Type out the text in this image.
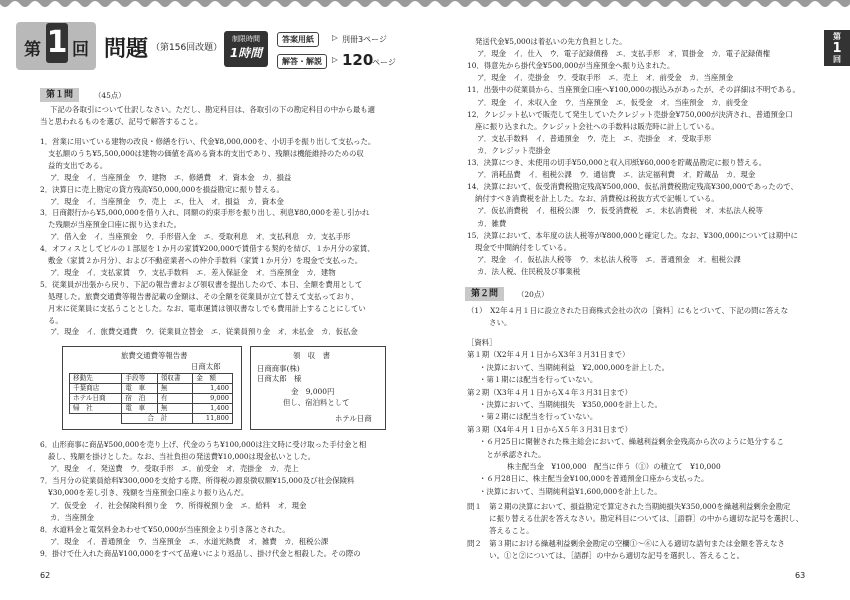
第 1 回 問題 （第156回改題）
制限時間
1時間
答案用紙	▷ 別冊3ページ
解答・解説	▷ 120
ページ
第１問	（45点）
下記の各取引について仕訳しなさい。ただし、勘定科目は、各取引の下の勘定科目の中から最も適
当と思われるものを選び、記号で解答すること。
1．営業に用いている建物の改良・修繕を行い、代金¥8,000,000を、小切手を振り出して支払った。
支払額のうち¥5,500,000は建物の価値を高める資本的支出であり、残額は機能維持のための収
益的支出である。
ア．現金　イ．当座預金　ウ．建物　エ．修繕費　オ．資本金　カ．損益
2．決算日に売上勘定の貸方残高¥50,000,000を損益勘定に振り替える。
ア．現金　イ．当座預金　ウ．売上　エ．仕入　オ．損益　カ．資本金
3．日商銀行から¥5,000,000を借り入れ、同額の約束手形を振り出し、利息¥80,000を差し引かれ
た残額が当座預金口座に振り込まれた。
ア．借入金　イ．当座預金　ウ．手形借入金　エ．受取利息　オ．支払利息　カ．支払手形
4．オフィスとしてビルの１部屋を１か月の家賃¥200,000で賃借する契約を結び、１か月分の家賃、
敷金（家賃２か月分）、および不動産業者への仲介手数料（家賃１か月分）を現金で支払った。
ア．現金　イ．支払家賃　ウ．支払手数料　エ．差入保証金　オ．当座預金　カ．建物
5．従業員が出張から戻り、下記の報告書および領収書を提出したので、本日、全額を費用として
処理した。旅費交通費等報告書記載の金額は、その全額を従業員が立て替えて支払っており、
月末に従業員に支払うこととした。なお、電車運賃は領収書なしでも費用計上することにしてい
る。
ア．現金　イ．旅費交通費　ウ．従業員立替金　エ．従業員預り金　オ．未払金　カ．仮払金
旅費交通費等報告書
日商太郎
移動先	手段等	領収書	金　額
千葉商店	電　車	無	1,400
ホテル日商	宿　泊	有	9,000
帰　社	電　車	無	1,400
	合　計		11,800
領　収　書
日商商事(株)
日商太郎　様
金　9,000円
但し、宿泊料として
ホテル日商
6．山形商事に商品¥500,000を売り上げ、代金のうち¥100,000は注文時に受け取った手付金と相
殺し、残額を掛けとした。なお、当社負担の発送費¥10,000は現金払いとした。
ア．現金　イ．発送費　ウ．受取手形　エ．前受金　オ．売掛金　カ．売上
7．当月分の従業員給料¥300,000を支給する際、所得税の源泉徴収額¥15,000及び社会保険料
¥30,000を差し引き、残額を当座預金口座より振り込んだ。
ア．仮受金　イ．社会保険料預り金　ウ．所得税預り金　エ．給料　オ．現金
カ．当座預金
8．水道料金と電気料金あわせて¥50,000が当座預金より引き落とされた。
ア．現金　イ．普通預金　ウ．当座預金　エ．水道光熱費　オ．雑費　カ．租税公課
9．掛けで仕入れた商品¥100,000をすべて品違いにより返品し、掛け代金と相殺した。その際の
62
発送代金¥5,000は着払いの先方負担とした。
ア．現金　イ．仕入　ウ．電子記録債務　エ．支払手形　オ．買掛金　カ．電子記録債権
10．得意先から掛代金¥500,000が当座預金へ振り込まれた。
ア．現金　イ．売掛金　ウ．受取手形　エ．売上　オ．前受金　カ．当座預金
11．出張中の従業員から、当座預金口座へ¥100,000の振込みがあったが、その詳細は不明である。
ア．現金　イ．未収入金　ウ．当座預金　エ．仮受金　オ．当座預金　カ．前受金
12．クレジット払いで販売して発生していたクレジット売掛金¥750,000が決済され、普通預金口
座に振り込まれた。クレジット会社への手数料は販売時に計上している。
ア．支払手数料　イ．普通預金　ウ．売上　エ．売掛金　オ．受取手形
カ．クレジット売掛金
13．決算につき、未使用の切手¥50,000と収入印紙¥60,000を貯蔵品勘定に振り替える。
ア．消耗品費　イ．租税公課　ウ．通信費　エ．法定福利費　オ．貯蔵品　カ．現金
14．決算において、仮受消費税勘定残高¥500,000、仮払消費税勘定残高¥300,000であったので、
納付すべき消費税を計上した。なお、消費税は税抜方式で記帳している。
ア．仮払消費税　イ．租税公課　ウ．仮受消費税　エ．未払消費税　オ．未払法人税等
カ．雑費
15．決算において、本年度の法人税等が¥800,000と確定した。なお、¥300,000については期中に
現金で中間納付をしている。
ア．現金　イ．仮払法人税等　ウ．未払法人税等　エ．普通預金　オ．租税公課
カ．法人税、住民税及び事業税
第２問	（20点）
（1）　X2年４月１日に設立された日商株式会社の次の［資料］にもとづいて、下記の問に答えな
　　　さい。
［資料］
第１期（X2年４月１日からX3年３月31日まで）
・決算において、当期純利益　¥2,000,000を計上した。
・第１期には配当を行っていない。
第２期（X3年４月１日からX４年３月31日まで）
・決算において、当期純損失　¥350,000を計上した。
・第２期には配当を行っていない。
第３期（X4年４月１日からX５年３月31日まで）
・６月25日に開催された株主総会において、繰越利益剰余金残高から次のように処分するこ
　とが承認された。
株主配当金　¥100,000　配当に伴う（①）の積立て　¥10,000
・６月28日に、株主配当金¥100,000を普通預金口座から支払った。
・決算において、当期純利益¥1,600,000を計上した。
問１　第２期の決算において、損益勘定で算定された当期純損失¥350,000を繰越利益剰余金勘定
　　　に振り替える仕訳を答えなさい。勘定科目については、［語群］の中から適切な記号を選択し、
　　　答えること。
問２　第３期における繰越利益剰余金勘定の空欄①〜⑥に入る適切な語句または金額を答えなさ
　　　い。①と②については、［語群］の中から適切な記号を選択し、答えること。
第
1
回
63
